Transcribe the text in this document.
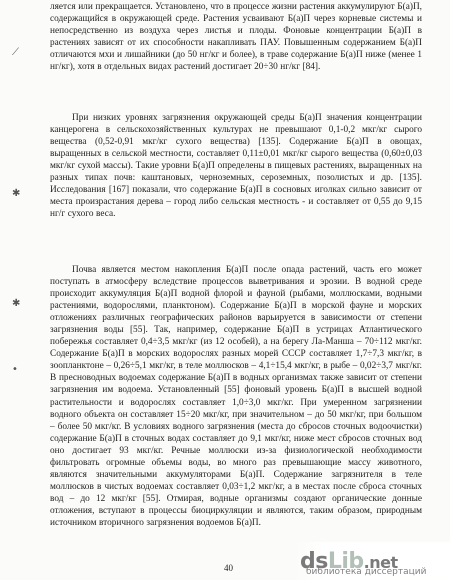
⟋
✱
✱
•

ляется или прекращается. Установлено, что в процессе жизни растения аккумулируют Б(а)П, содержащийся в окружающей среде. Растения усваивают Б(а)П через корневые системы и непосредственно из воздуха через листья и плоды. Фоновые концентрации Б(а)П в растениях зависят от их способности накапливать ПАУ. Повышенным содержанием Б(а)П отличаются мхи и лишайники (до 50 нг/кг и более), в траве содержание Б(а)П ниже (менее 1 нг/кг), хотя в отдельных видах растений достигает 20÷30 нг/кг [84].

При низких уровнях загрязнения окружающей среды Б(а)П значения концентрации канцерогена в сельскохозяйственных культурах не превышают 0,1-0,2 мкг/кг сырого вещества (0,52-0,91 мкг/кг сухого вещества) [135]. Содержание Б(а)П в овощах, выращенных в сельской местности, составляет 0,11±0,01 мкг/кг сырого вещества (0,60±0,03 мкг/кг сухой массы). Такие уровни Б(а)П определены в пищевых растениях, выращенных на разных типах почв: каштановых, черноземных, сероземных, позолистых и др. [135]. Исследования [167] показали, что содержание Б(а)П в сосновых иголках сильно зависит от места произрастания дерева – город либо сельская местность - и составляет от 0,55 до 9,15 нг/г сухого веса.

Почва является местом накопления Б(а)П после опада растений, часть его может поступать в атмосферу вследствие процессов выветривания и эрозии. В водной среде происходит аккумуляция Б(а)П водной флорой и фауной (рыбами, моллюсками, водными растениями, водорослями, планктоном). Содержание Б(а)П в морской фауне и морских отложениях различных географических районов варьируется в зависимости от степени загрязнения воды [55]. Так, например, содержание Б(а)П в устрицах Атлантического побережья составляет 0,4÷3,5 мкг/кг (из 12 особей), а на берегу Ла-Манша – 70÷112 мкг/кг. Содержание Б(а)П в морских водорослях разных морей СССР составляет 1,7÷7,3 мкг/кг, в зоопланктоне – 0,26÷5,1 мкг/кг, в теле моллюсков – 4,1÷15,4 мкг/кг, в рыбе – 0,02÷3,7 мкг/кг. В пресноводных водоемах содержание Б(а)П в водных организмах также зависит от степени загрязнения им водоема. Установленный [55] фоновый уровень Б(а)П в высшей водной растительности и водорослях составляет 1,0÷3,0 мкг/кг. При умеренном загрязнении водного объекта он составляет 15÷20 мкг/кг, при значительном – до 50 мкг/кг, при большом – более 50 мкг/кг. В условиях водного загрязнения (места до сбросов сточных водоочистки) содержание Б(а)П в сточных водах составляет до 9,1 мкг/кг, ниже мест сбросов сточных вод оно достигает 93 мкг/кг. Речные моллюски из-за физиологической необходимости фильтровать огромные объемы воды, во много раз превышающие массу животного, являются значительными аккумуляторами Б(а)П. Содержание загрязнителя в теле моллюсков в чистых водоемах составляет 0,03÷1,2 мкг/кг, а в местах после сброса сточных вод – до 12 мкг/кг [55]. Отмирая, водные организмы создают органические донные отложения, вступают в процессы биоциркуляции и являются, таким образом, природным источником вторичного загрязнения водоемов Б(а)П.

40	ds Lib .net
библиотека диссертаций
